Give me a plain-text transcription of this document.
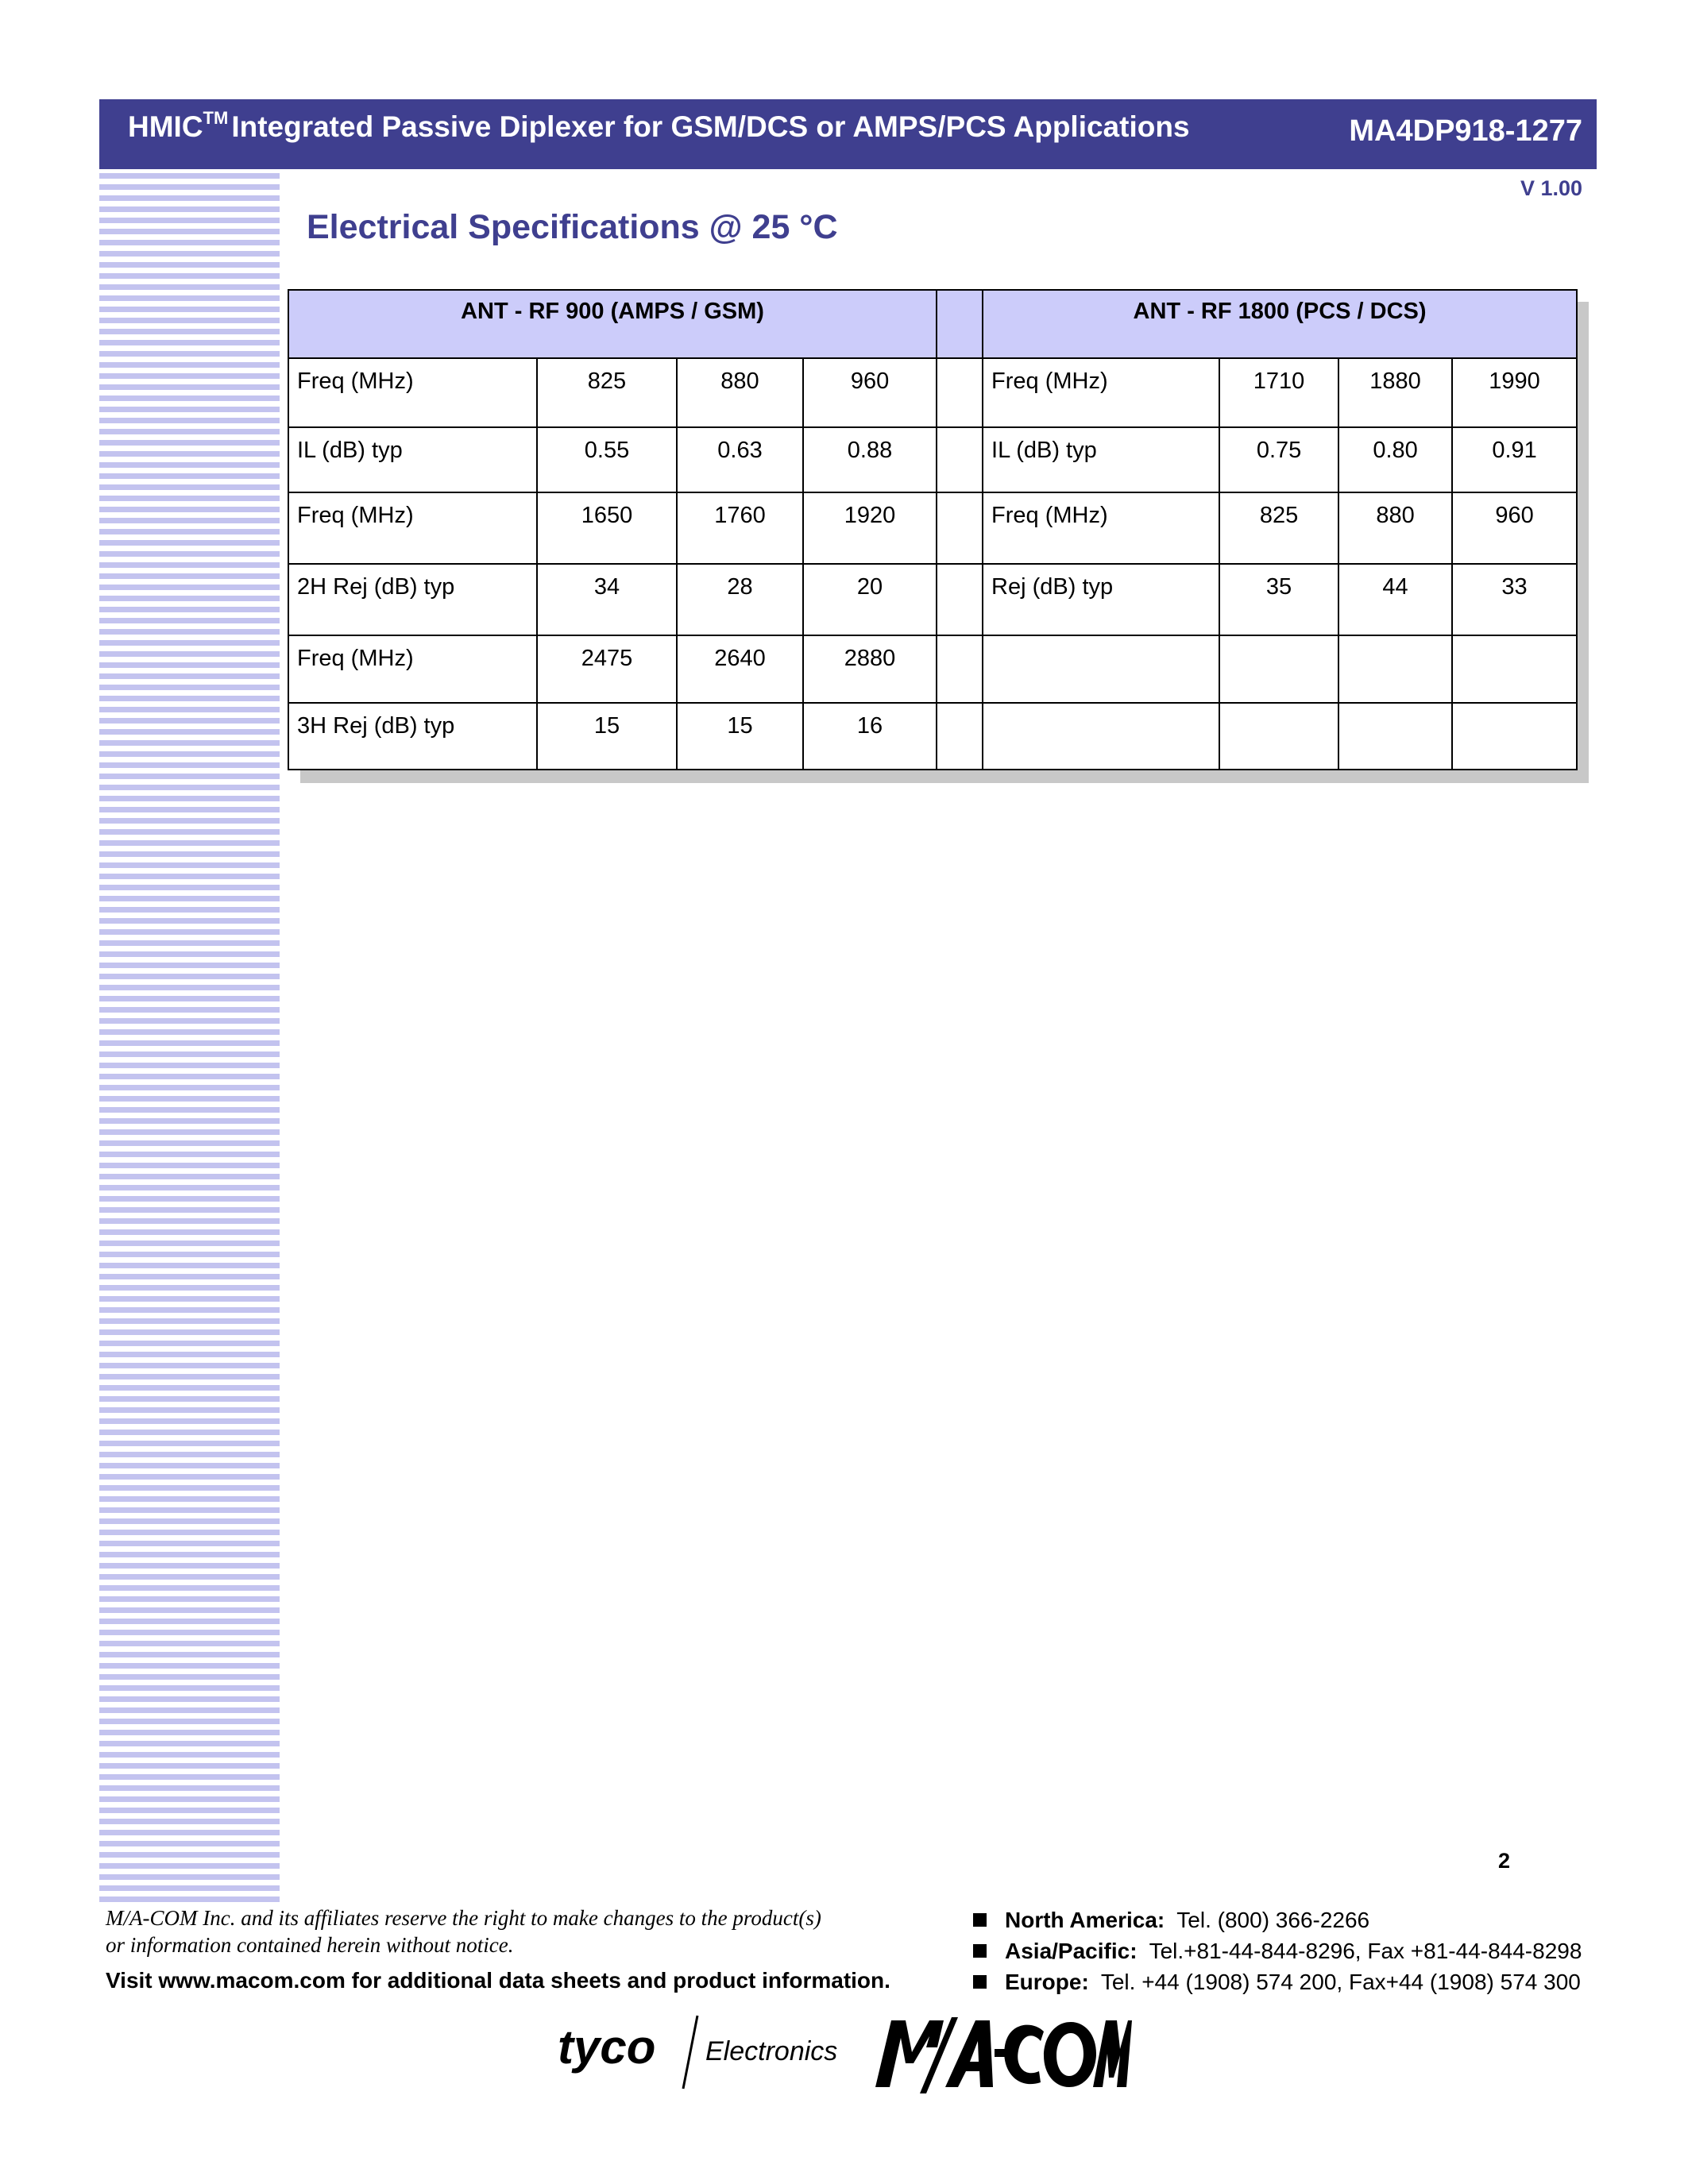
HMIC™ Integrated Passive Diplexer for GSM/DCS or AMPS/PCS Applications	MA4DP918-1277
V 1.00
Electrical Specifications @ 25 °C
ANT - RF 900 (AMPS / GSM)					ANT - RF 1800 (PCS / DCS)			
Freq (MHz)	825	880	960		Freq (MHz)	1710	1880	1990
IL (dB) typ	0.55	0.63	0.88		IL (dB) typ	0.75	0.80	0.91
Freq (MHz)	1650	1760	1920		Freq (MHz)	825	880	960
2H Rej (dB) typ	34	28	20		Rej (dB) typ	35	44	33
Freq (MHz)	2475	2640	2880					
3H Rej (dB) typ	15	15	16					
2
M/A-COM Inc. and its affiliates reserve the right to make changes to the product(s)
or information contained herein without notice.
Visit www.macom.com for additional data sheets and product information.
North America: Tel. (800) 366-2266
Asia/Pacific: Tel.+81-44-844-8296, Fax +81-44-844-8298
Europe: Tel. +44 (1908) 574 200, Fax+44 (1908) 574 300
tyco Electronics
M/A-COM
